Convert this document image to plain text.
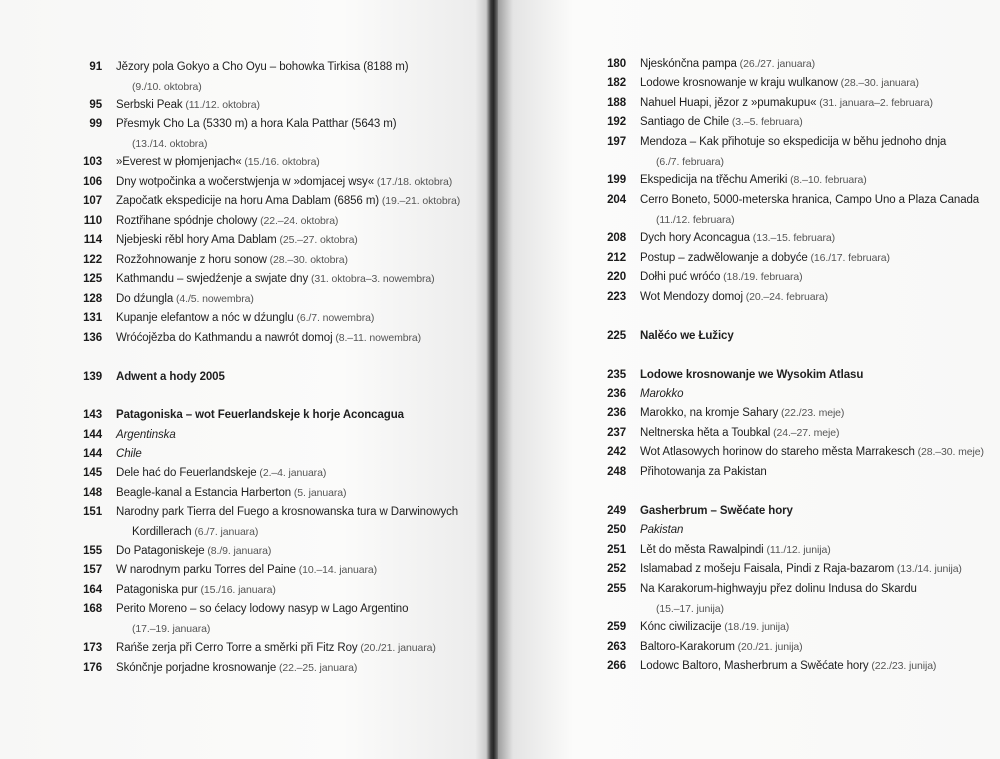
91 Jězory pola Gokyo a Cho Oyu – bohowka Tirkisa (8188 m)
(9./10. oktobra)
95 Serbski Peak (11./12. oktobra)
99 Přesmyk Cho La (5330 m) a hora Kala Patthar (5643 m)
(13./14. oktobra)
103 »Everest w płomjenjach« (15./16. oktobra)
106 Dny wotpočinka a wočerstwjenja w »domjacej wsy« (17./18. oktobra)
107 Započatk ekspedicije na horu Ama Dablam (6856 m) (19.–21. oktobra)
110 Roztřihane spódnje cholowy (22.–24. oktobra)
114 Njebjeski rěbl hory Ama Dablam (25.–27. oktobra)
122 Rozžohnowanje z horu sonow (28.–30. oktobra)
125 Kathmandu – swjedźenje a swjate dny (31. oktobra–3. nowembra)
128 Do dźungla (4./5. nowembra)
131 Kupanje elefantow a nóc w dźunglu (6./7. nowembra)
136 Wróćojězba do Kathmandu a nawrót domoj (8.–11. nowembra)
139 Adwent a hody 2005
143 Patagoniska – wot Feuerlandskeje k horje Aconcagua
144 Argentinska
144 Chile
145 Dele hać do Feuerlandskeje (2.–4. januara)
148 Beagle-kanal a Estancia Harberton (5. januara)
151 Narodny park Tierra del Fuego a krosnowanska tura w Darwinowych
Kordillerach (6./7. januara)
155 Do Patagoniskeje (8./9. januara)
157 W narodnym parku Torres del Paine (10.–14. januara)
164 Patagoniska pur (15./16. januara)
168 Perito Moreno – so ćelacy lodowy nasyp w Lago Argentino
(17.–19. januara)
173 Rańše zerja při Cerro Torre a směrki při Fitz Roy (20./21. januara)
176 Skónčnje porjadne krosnowanje (22.–25. januara)
180 Njeskónčna pampa (26./27. januara)
182 Lodowe krosnowanje w kraju wulkanow (28.–30. januara)
188 Nahuel Huapi, jězor z »pumakupu« (31. januara–2. februara)
192 Santiago de Chile (3.–5. februara)
197 Mendoza – Kak přihotuje so ekspedicija w běhu jednoho dnja
(6./7. februara)
199 Ekspedicija na třěchu Ameriki (8.–10. februara)
204 Cerro Boneto, 5000-meterska hranica, Campo Uno a Plaza Canada
(11./12. februara)
208 Dych hory Aconcagua (13.–15. februara)
212 Postup – zadwělowanje a dobyće (16./17. februara)
220 Dołhi puć wróćo (18./19. februara)
223 Wot Mendozy domoj (20.–24. februara)
225 Nalěćo we Łužicy
235 Lodowe krosnowanje we Wysokim Atlasu
236 Marokko
236 Marokko, na kromje Sahary (22./23. meje)
237 Neltnerska hěta a Toubkal (24.–27. meje)
242 Wot Atlasowych horinow do stareho města Marrakesch (28.–30. meje)
248 Přihotowanja za Pakistan
249 Gasherbrum – Swěćate hory
250 Pakistan
251 Lět do města Rawalpindi (11./12. junija)
252 Islamabad z mošeju Faisala, Pindi z Raja-bazarom (13./14. junija)
255 Na Karakorum-highwayju přez dolinu Indusa do Skardu
(15.–17. junija)
259 Kónc ciwilizacije (18./19. junija)
263 Baltoro-Karakorum (20./21. junija)
266 Lodowc Baltoro, Masherbrum a Swěćate hory (22./23. junija)
